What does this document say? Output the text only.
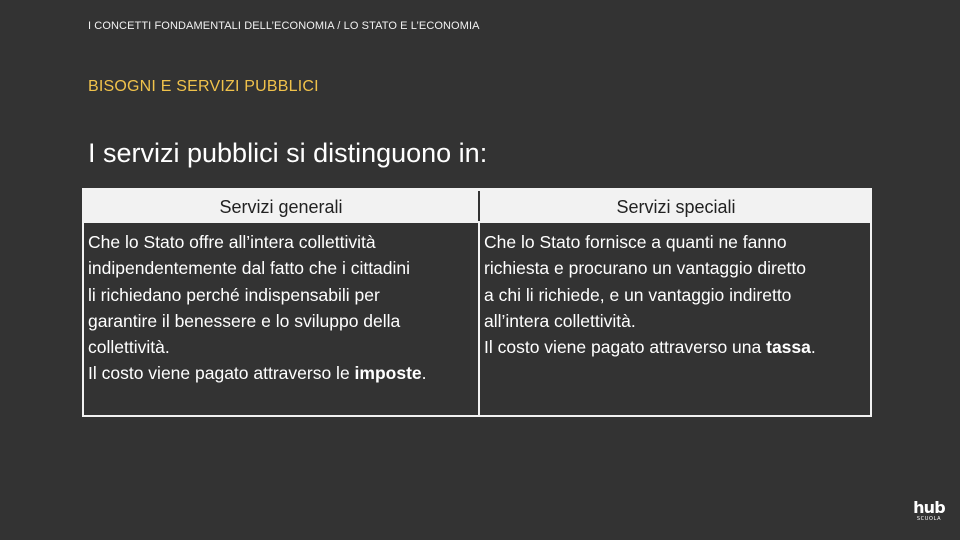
I CONCETTI FONDAMENTALI DELL’ECONOMIA / LO STATO E L’ECONOMIA
BISOGNI E SERVIZI PUBBLICI
I servizi pubblici si distinguono in:
Servizi generali	Servizi speciali
Che lo Stato offre all’intera collettività
indipendentemente dal fatto che i cittadini
li richiedano perché indispensabili per
garantire il benessere e lo sviluppo della
collettività.
Il costo viene pagato attraverso le imposte.
Che lo Stato fornisce a quanti ne fanno
richiesta e procurano un vantaggio diretto
a chi li richiede, e un vantaggio indiretto
all’intera collettività.
Il costo viene pagato attraverso una tassa.
hub
SCUOLA
